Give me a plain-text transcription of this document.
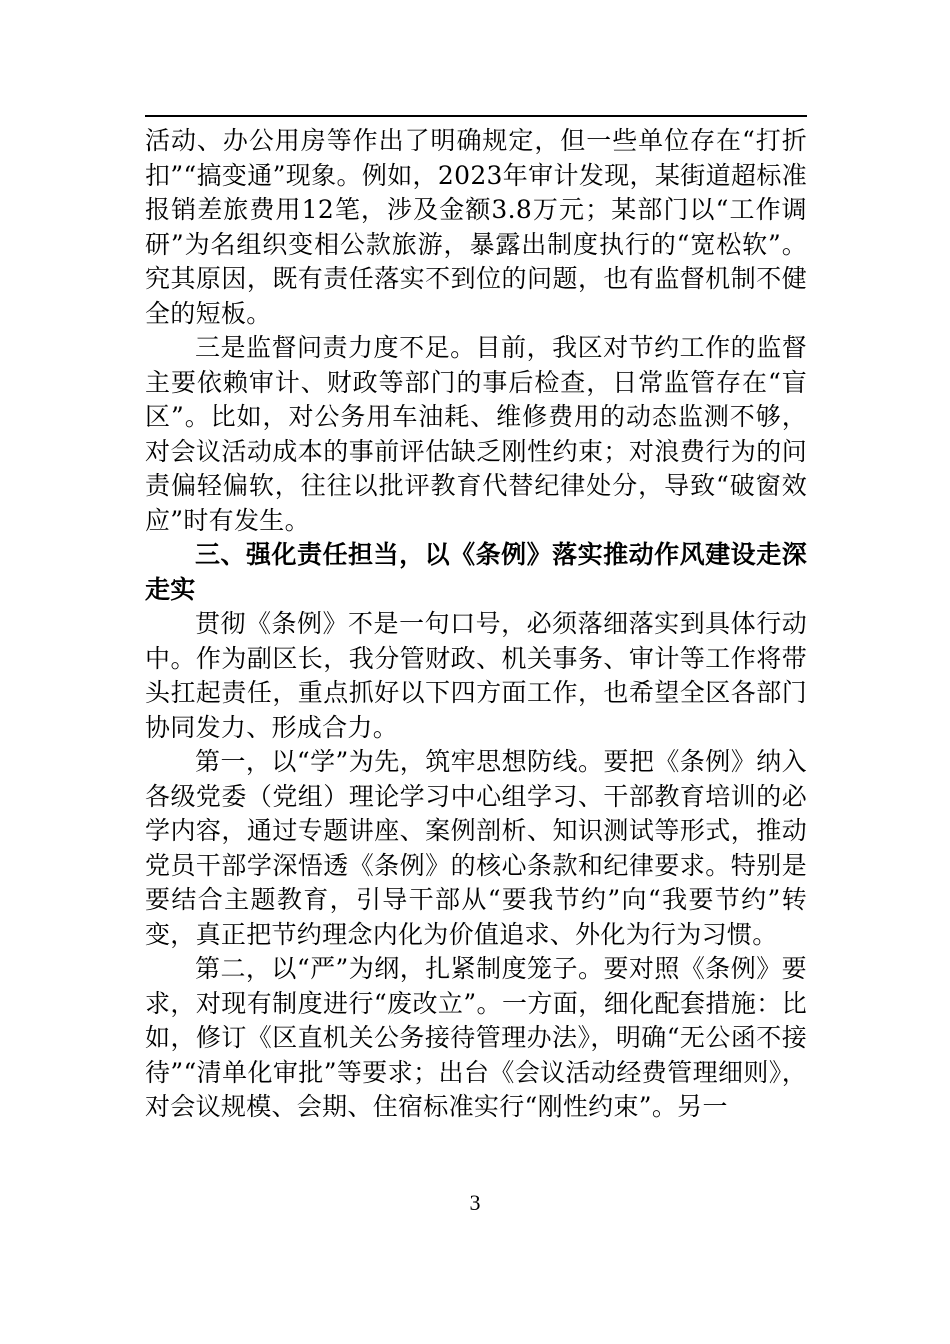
活动、办公用房等作出了明确规定，但一些单位存在“打折扣”“搞变通”现象。例如，2023年审计发现，某街道超标准报销差旅费用12笔，涉及金额3.8万元；某部门以“工作调研”为名组织变相公款旅游，暴露出制度执行的“宽松软”。究其原因，既有责任落实不到位的问题，也有监督机制不健全的短板。

三是监督问责力度不足。目前，我区对节约工作的监督主要依赖审计、财政等部门的事后检查，日常监管存在“盲区”。比如，对公务用车油耗、维修费用的动态监测不够，对会议活动成本的事前评估缺乏刚性约束；对浪费行为的问责偏轻偏软，往往以批评教育代替纪律处分，导致“破窗效应”时有发生。

三、强化责任担当，以《条例》落实推动作风建设走深走实

贯彻《条例》不是一句口号，必须落细落实到具体行动中。作为副区长，我分管财政、机关事务、审计等工作将带头扛起责任，重点抓好以下四方面工作，也希望全区各部门协同发力、形成合力。

第一，以“学”为先，筑牢思想防线。要把《条例》纳入各级党委（党组）理论学习中心组学习、干部教育培训的必学内容，通过专题讲座、案例剖析、知识测试等形式，推动党员干部学深悟透《条例》的核心条款和纪律要求。特别是要结合主题教育，引导干部从“要我节约”向“我要节约”转变，真正把节约理念内化为价值追求、外化为行为习惯。

第二，以“严”为纲，扎紧制度笼子。要对照《条例》要求，对现有制度进行“废改立”。一方面，细化配套措施：比如，修订《区直机关公务接待管理办法》，明确“无公函不接待”“清单化审批”等要求；出台《会议活动经费管理细则》，对会议规模、会期、住宿标准实行“刚性约束”。另一

3
